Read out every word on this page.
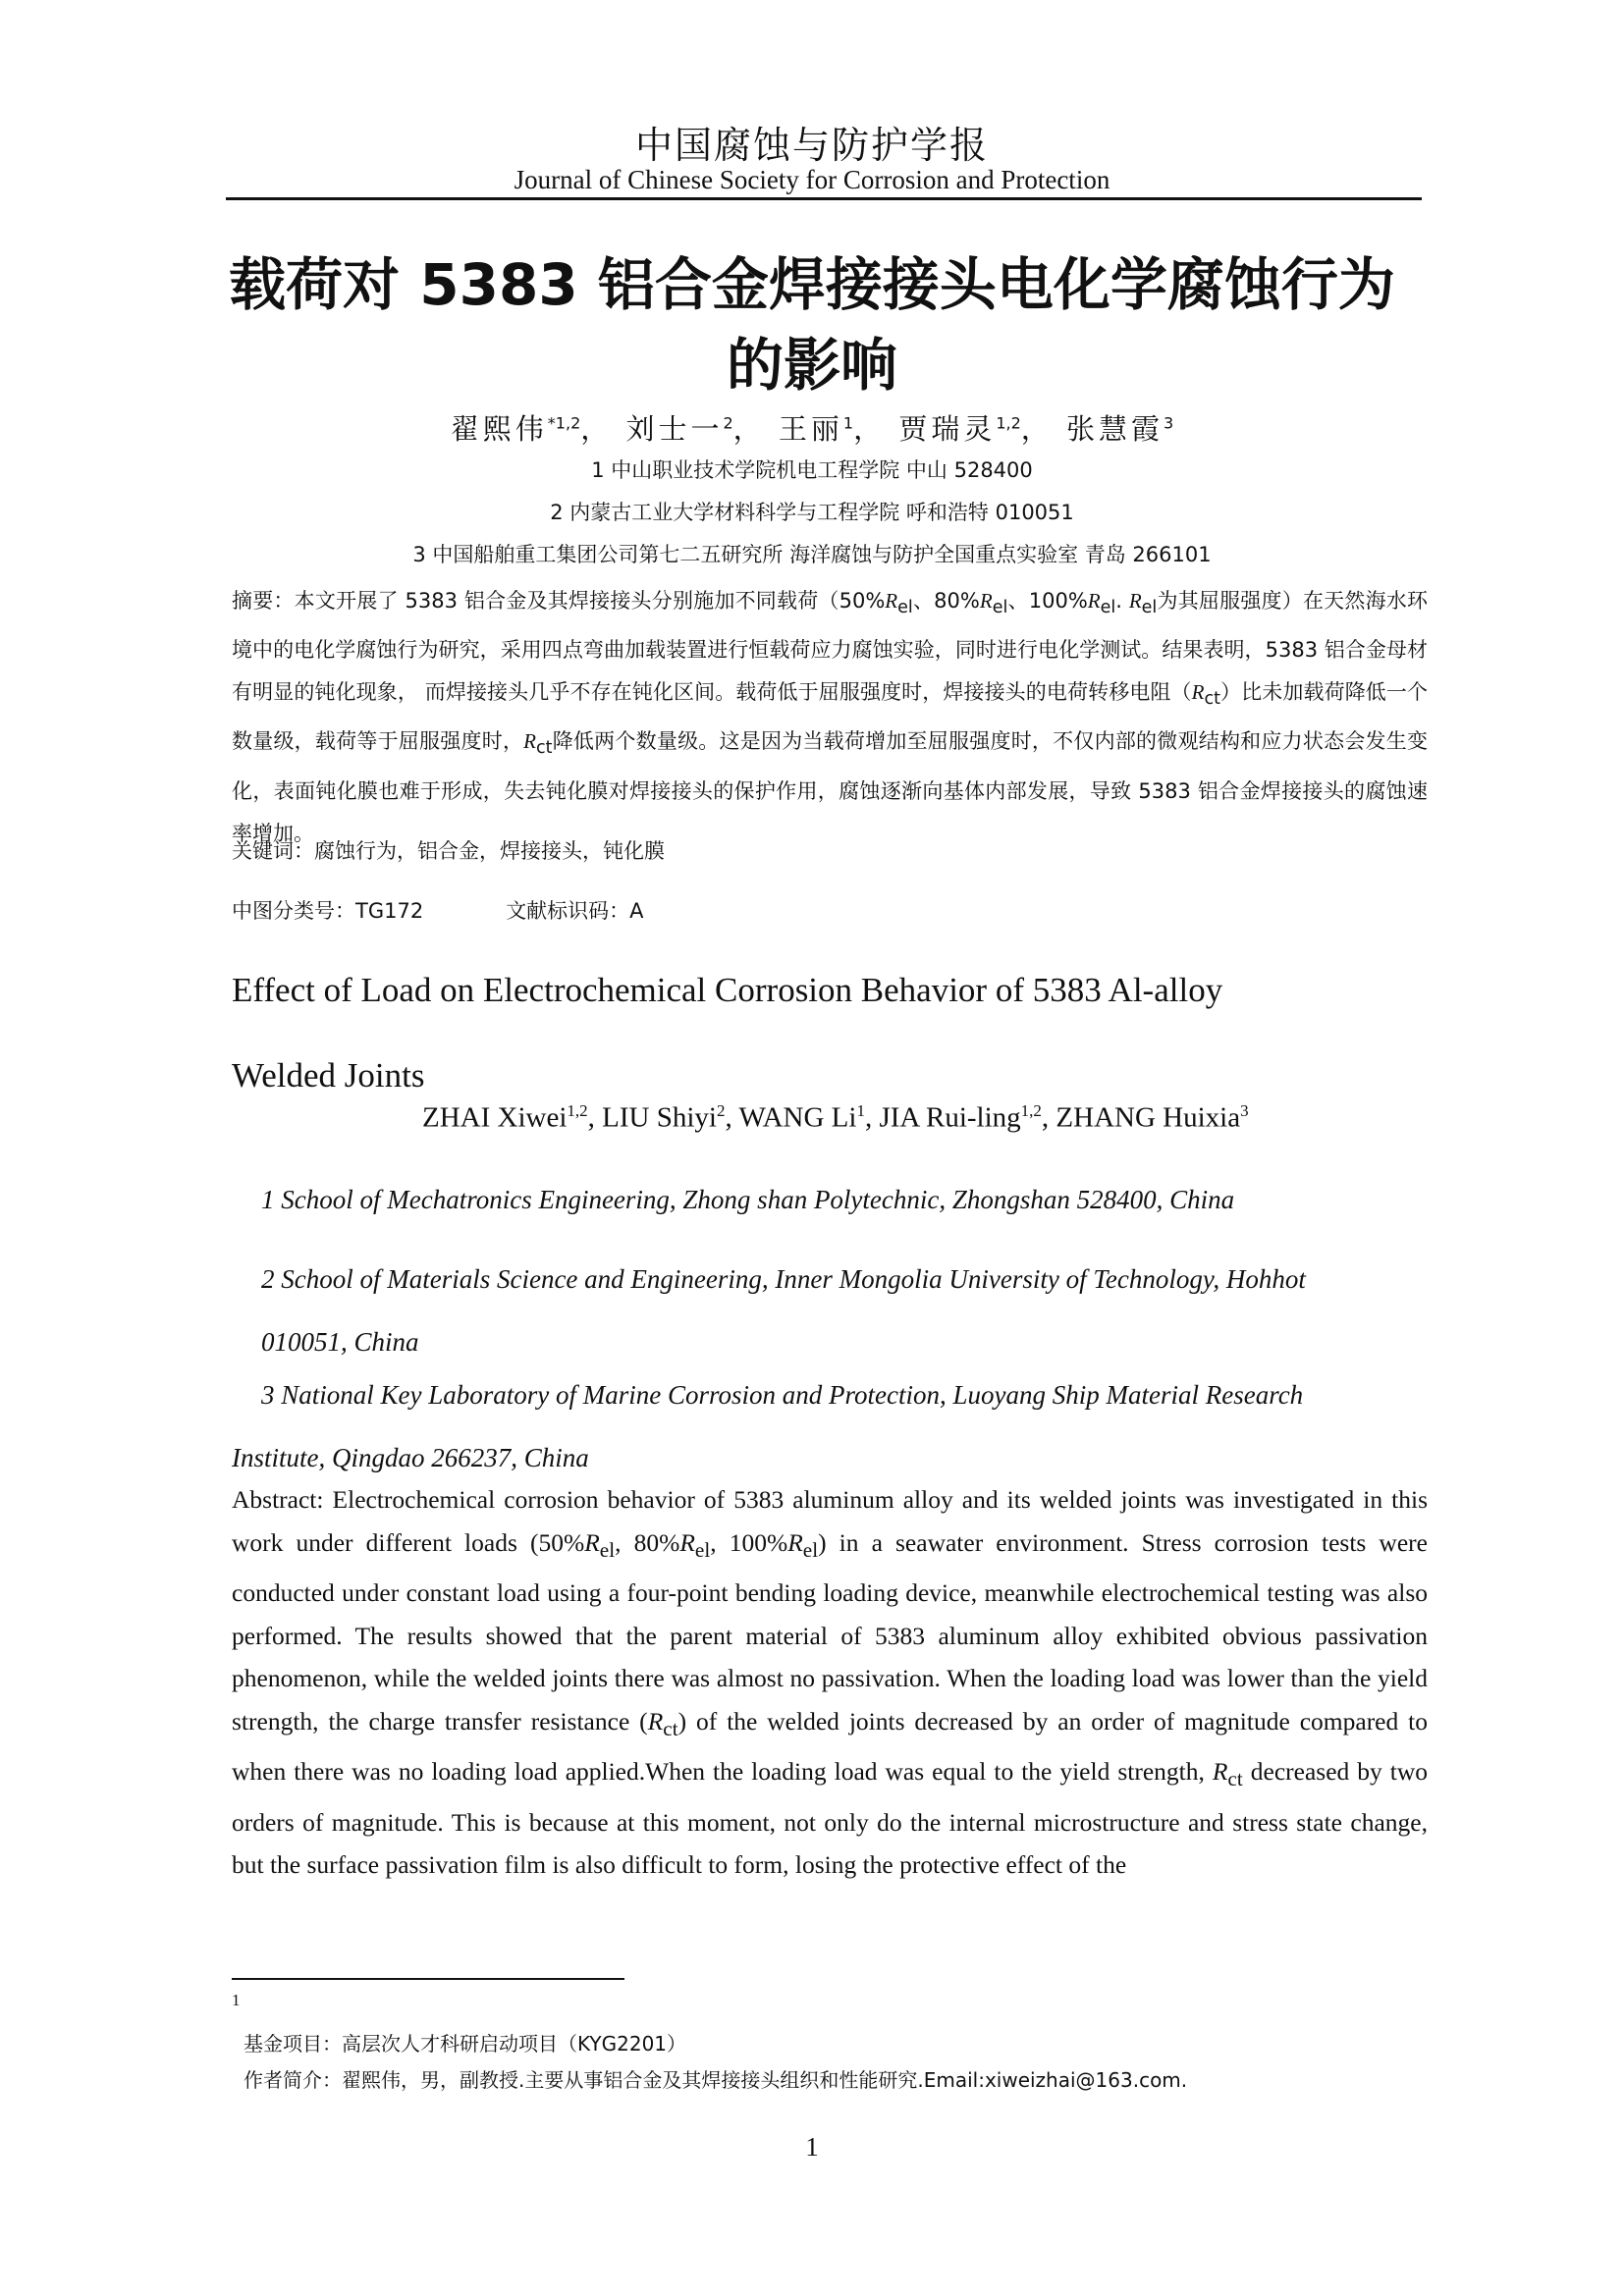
中国腐蚀与防护学报
Journal of Chinese Society for Corrosion and Protection
载荷对 5383 铝合金焊接接头电化学腐蚀行为
的影响
翟熙伟$^{*1,2}$， 刘士一$^2$， 王丽$^1$， 贾瑞灵$^{1,2}$， 张慧霞$^3$
1 中山职业技术学院机电工程学院 中山 528400
2 内蒙古工业大学材料科学与工程学院 呼和浩特 010051
3 中国船舶重工集团公司第七二五研究所 海洋腐蚀与防护全国重点实验室 青岛 266101
摘要：本文开展了 5383 铝合金及其焊接接头分别施加不同载荷（$50\%R_{el}$、$80\%R_{el}$、$100\%R_{el}$. $R_{el}$为其屈服强度）在天然海水环境中的电化学腐蚀行为研究，采用四点弯曲加载装置进行恒载荷应力腐蚀实验，同时进行电化学测试。结果表明，5383 铝合金母材有明显的钝化现象， 而焊接接头几乎不存在钝化区间。载荷低于屈服强度时，焊接接头的电荷转移电阻$(R_{ct})$比未加载荷降低一个数量级，载荷等于屈服强度时，$R_{ct}$降低两个数量级。这是因为当载荷增加至屈服强度时，不仅内部的微观结构和应力状态会发生变化，表面钝化膜也难于形成，失去钝化膜对焊接接头的保护作用，腐蚀逐渐向基体内部发展，导致 5383 铝合金焊接接头的腐蚀速率增加。
关键词：腐蚀行为，铝合金，焊接接头，钝化膜
中图分类号：TG172	文献标识码：A
Effect of Load on Electrochemical Corrosion Behavior of 5383 Al-alloy
Welded Joints
ZHAI Xiwei$^{1,2}$, LIU Shiyi$^2$, WANG Li$^1$, JIA Rui-ling$^{1,2}$, ZHANG Huixia$^3$
1 School of Mechatronics Engineering, Zhong shan Polytechnic, Zhongshan 528400, China
2 School of Materials Science and Engineering, Inner Mongolia University of Technology, Hohhot
010051, China
3 National Key Laboratory of Marine Corrosion and Protection, Luoyang Ship Material Research
Institute, Qingdao 266237, China
Abstract: Electrochemical corrosion behavior of 5383 aluminum alloy and its welded joints was investigated in this work under different loads ($50\%R_{el}$, $80\%R_{el}$, $100\%R_{el}$) in a seawater environment. Stress corrosion tests were conducted under constant load using a four-point bending loading device, meanwhile electrochemical testing was also performed. The results showed that the parent material of 5383 aluminum alloy exhibited obvious passivation phenomenon, while the welded joints there was almost no passivation. When the loading load was lower than the yield strength, the charge transfer resistance $(R_{ct})$ of the welded joints decreased by an order of magnitude compared to when there was no loading load applied.When the loading load was equal to the yield strength, $R_{ct}$ decreased by two orders of magnitude. This is because at this moment, not only do the internal microstructure and stress state change, but the surface passivation film is also difficult to form, losing the protective effect of the
1
基金项目：高层次人才科研启动项目（KYG2201）
作者简介：翟熙伟，男，副教授.主要从事铝合金及其焊接接头组织和性能研究.Email:xiweizhai@163.com.
1
